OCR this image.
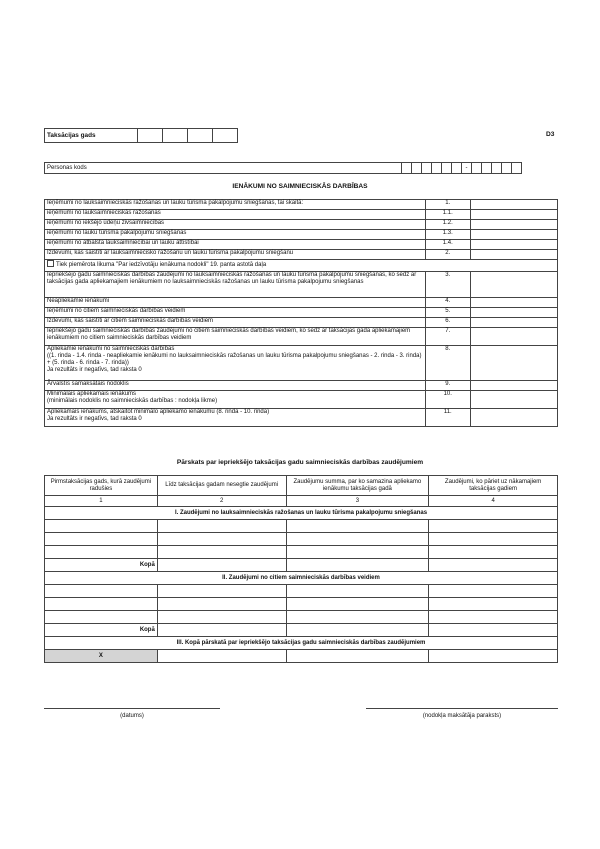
Taksācijas gads					D3
Personas kods							-					
IENĀKUMI NO SAIMNIECISKĀS DARBĪBAS
Ieņēmumi no lauksaimnieciskās ražošanas un lauku tūrisma pakalpojumu sniegšanas, tai skaitā:	1.	
ieņēmumi no lauksaimnieciskās ražošanas	1.1.	
ieņēmumi no iekšējo ūdeņu zivsaimniecības	1.2.	
ieņēmumi no lauku tūrisma pakalpojumu sniegšanas	1.3.	
ieņēmumi no atbalsta lauksaimniecībai un lauku attīstībai	1.4.	
Izdevumi, kas saistīti ar lauksaimniecisko ražošanu un lauku tūrisma pakalpojumu sniegšanu	2.	
Tiek piemērota likuma "Par iedzīvotāju ienākuma nodokli" 19. panta astotā daļa		
Iepriekšējo gadu saimnieciskās darbības zaudējumi no lauksaimnieciskās ražošanas un lauku tūrisma pakalpojumu sniegšanas, ko sedz ar taksācijas gada apliekamajiem ienākumiem no lauksaimnieciskās ražošanas un lauku tūrisma pakalpojumu sniegšanas	3.	
Neapliekamie ienākumi	4.	
Ieņēmumi no citiem saimnieciskās darbības veidiem	5.	
Izdevumi, kas saistīti ar citiem saimnieciskās darbības veidiem	6.	
Iepriekšējo gadu saimnieciskās darbības zaudējumi no citiem saimnieciskās darbības veidiem, ko sedz ar taksācijas gada apliekamajiem ienākumiem no citiem saimnieciskās darbības veidiem	7.	
Apliekamie ienākumi no saimnieciskās darbības
((1. rinda - 1.4. rinda - neapliekamie ienākumi no lauksaimnieciskās ražošanas un lauku tūrisma pakalpojumu sniegšanas - 2. rinda - 3. rinda) + (5. rinda - 6. rinda - 7. rinda))
Ja rezultāts ir negatīvs, tad raksta 0	8.	
Ārvalstīs samaksātais nodoklis	9.	
Minimālais apliekamais ienākums
(minimālais nodoklis no saimnieciskās darbības : nodokļa likme)	10.	
Apliekamais ienākums, atskaitot minimālo apliekamo ienākumu (8. rinda - 10. rinda)
Ja rezultāts ir negatīvs, tad raksta 0	11.	
Pārskats par iepriekšējo taksācijas gadu saimnieciskās darbības zaudējumiem
Pirmstaksācijas gads, kurā zaudējumi radušies	Līdz taksācijas gadam nesegtie zaudējumi	Zaudējumu summa, par ko samazina apliekamo ienākumu taksācijas gadā	Zaudējumi, ko pāriet uz nākamajiem taksācijas gadiem
1	2	3	4
I. Zaudējumi no lauksaimnieciskās ražošanas un lauku tūrisma pakalpojumu sniegšanas			

Kopā			
II. Zaudējumi no citiem saimnieciskās darbības veidiem			

Kopā			
III. Kopā pārskatā par iepriekšējo taksācijas gadu saimnieciskās darbības zaudējumiem			
X			
(datums)	(nodokļa maksātāja paraksts)
